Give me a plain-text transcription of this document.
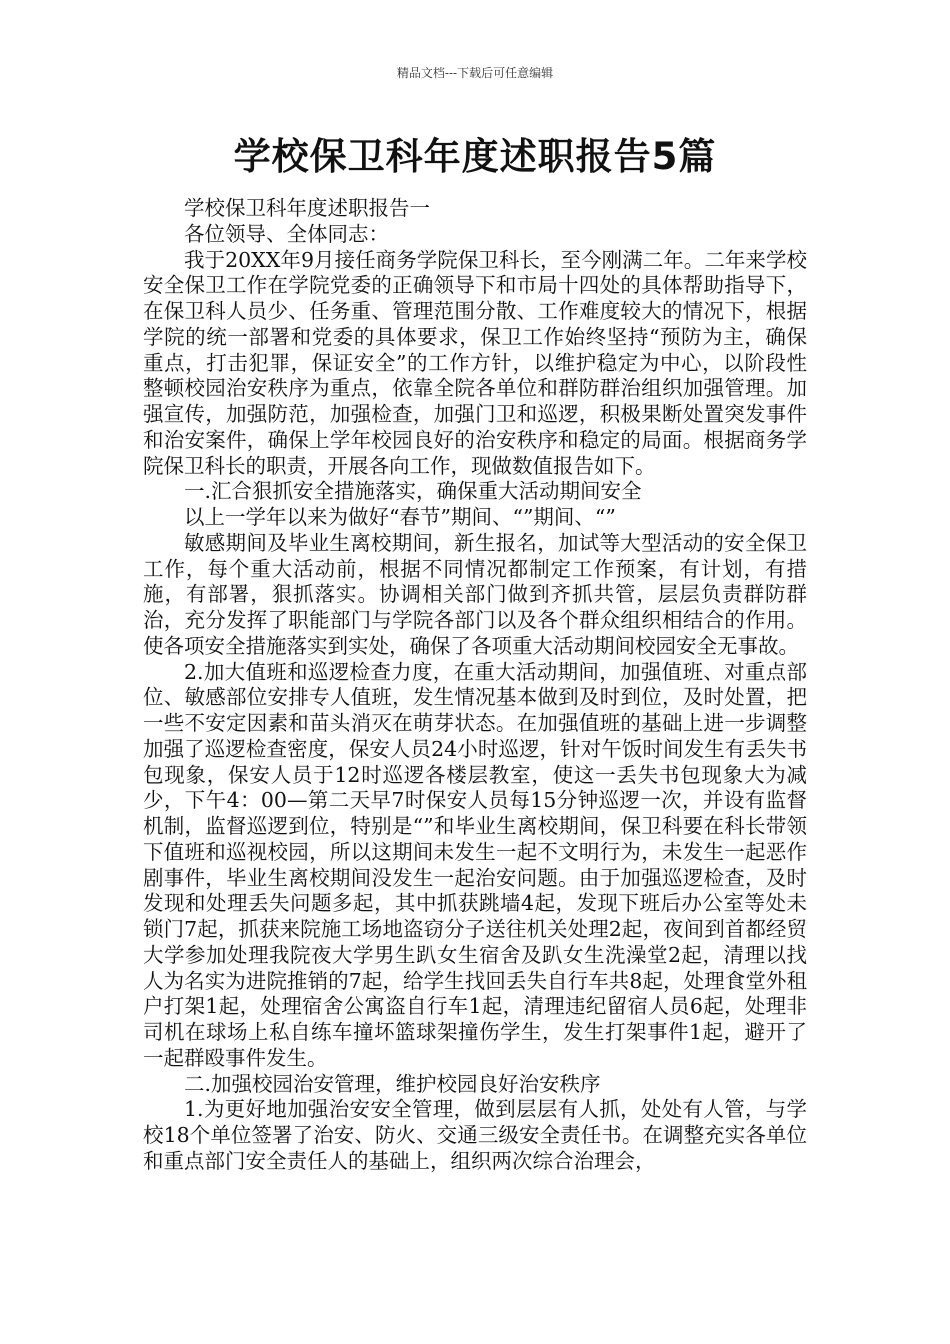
精品文档---下载后可任意编辑
学校保卫科年度述职报告5篇

学校保卫科年度述职报告一

各位领导、全体同志：

我于20XX年9月接任商务学院保卫科长，至今刚满二年。二年来学校安全保卫工作在学院党委的正确领导下和市局十四处的具体帮助指导下，在保卫科人员少、任务重、管理范围分散、工作难度较大的情况下，根据学院的统一部署和党委的具体要求，保卫工作始终坚持“预防为主，确保重点，打击犯罪，保证安全”的工作方针，以维护稳定为中心，以阶段性整顿校园治安秩序为重点，依靠全院各单位和群防群治组织加强管理。加强宣传，加强防范，加强检查，加强门卫和巡逻，积极果断处置突发事件和治安案件，确保上学年校园良好的治安秩序和稳定的局面。根据商务学院保卫科长的职责，开展各向工作，现做数值报告如下。

一.汇合狠抓安全措施落实，确保重大活动期间安全

以上一学年以来为做好“春节”期间、“”期间、“”

敏感期间及毕业生离校期间，新生报名，加试等大型活动的安全保卫工作，每个重大活动前，根据不同情况都制定工作预案，有计划，有措施，有部署，狠抓落实。协调相关部门做到齐抓共管，层层负责群防群治，充分发挥了职能部门与学院各部门以及各个群众组织相结合的作用。使各项安全措施落实到实处，确保了各项重大活动期间校园安全无事故。

2.加大值班和巡逻检查力度，在重大活动期间，加强值班、对重点部位、敏感部位安排专人值班，发生情况基本做到及时到位，及时处置，把一些不安定因素和苗头消灭在萌芽状态。在加强值班的基础上进一步调整加强了巡逻检查密度，保安人员24小时巡逻，针对午饭时间发生有丢失书包现象，保安人员于12时巡逻各楼层教室，使这一丢失书包现象大为减少，下午4：00—第二天早7时保安人员每15分钟巡逻一次，并设有监督机制，监督巡逻到位，特别是“”和毕业生离校期间，保卫科要在科长带领下值班和巡视校园，所以这期间未发生一起不文明行为，未发生一起恶作剧事件，毕业生离校期间没发生一起治安问题。由于加强巡逻检查，及时发现和处理丢失问题多起，其中抓获跳墙4起，发现下班后办公室等处未锁门7起，抓获来院施工场地盗窃分子送往机关处理2起，夜间到首都经贸大学参加处理我院夜大学男生趴女生宿舍及趴女生洗澡堂2起，清理以找人为名实为进院推销的7起，给学生找回丢失自行车共8起，处理食堂外租户打架1起，处理宿舍公寓盗自行车1起，清理违纪留宿人员6起，处理非司机在球场上私自练车撞坏篮球架撞伤学生，发生打架事件1起，避开了一起群殴事件发生。

二.加强校园治安管理，维护校园良好治安秩序

1.为更好地加强治安安全管理，做到层层有人抓，处处有人管，与学校18个单位签署了治安、防火、交通三级安全责任书。在调整充实各单位和重点部门安全责任人的基础上，组织两次综合治理会，
